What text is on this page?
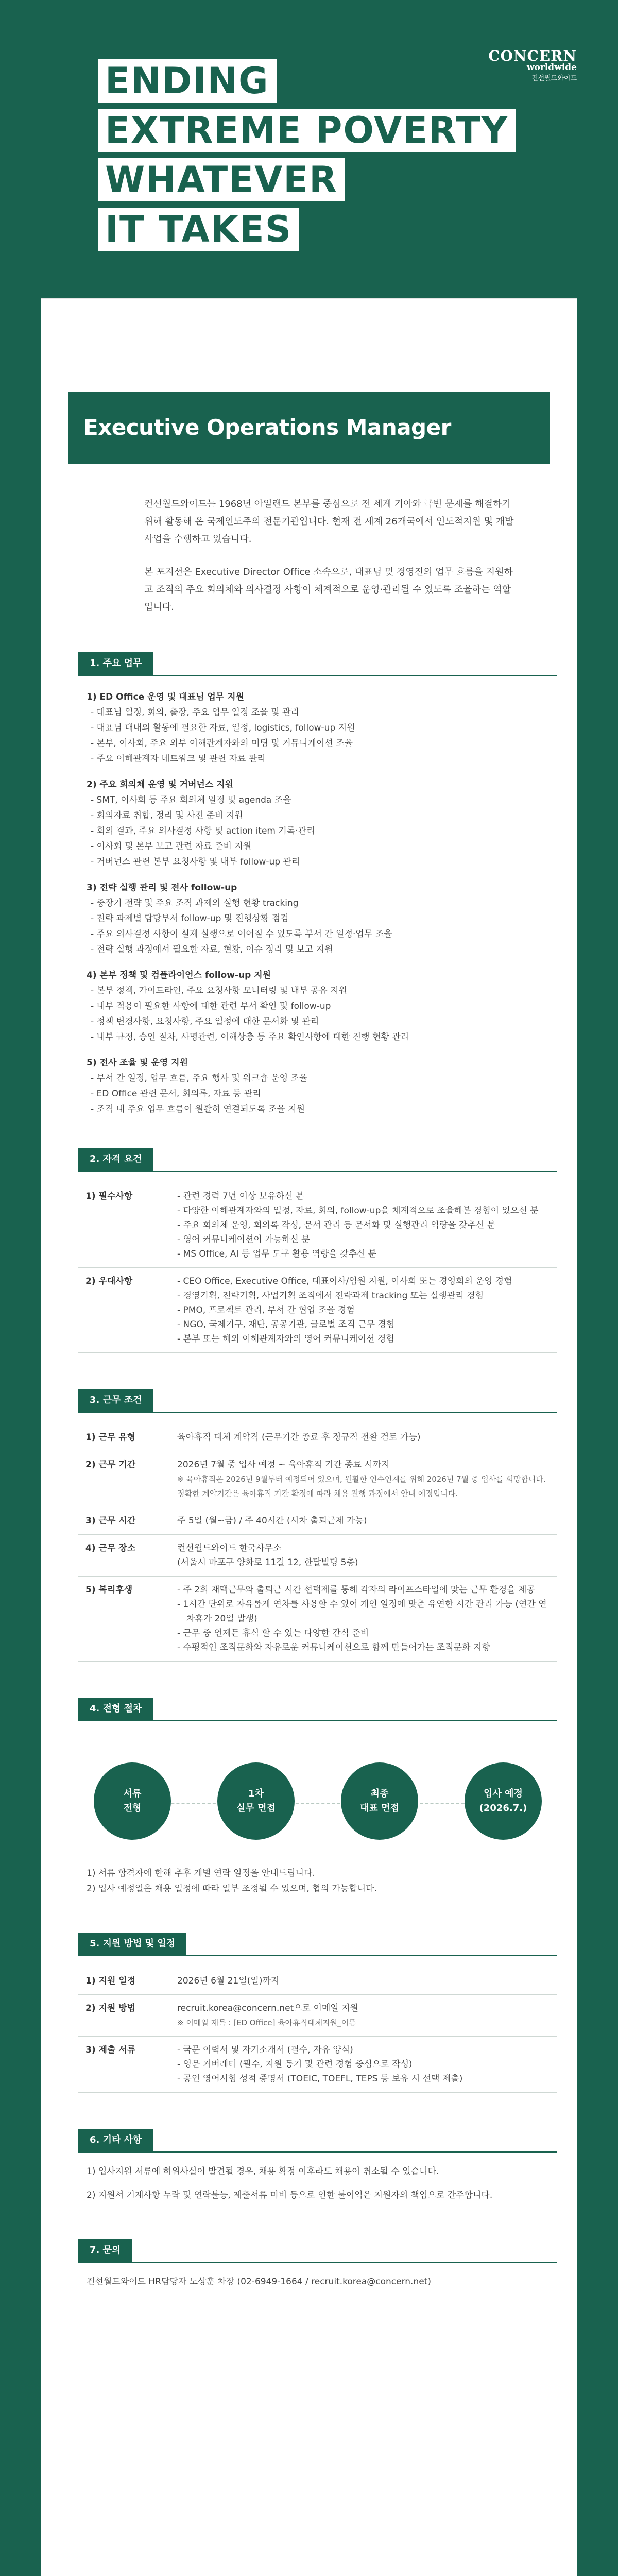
CONCERN
worldwide
컨선월드와이드
ENDING
EXTREME POVERTY
WHATEVER
IT TAKES
Executive Operations Manager

컨선월드와이드는 1968년 아일랜드 본부를 중심으로 전 세계 기아와 극빈 문제를 해결하기 위해 활동해 온 국제인도주의 전문기관입니다. 현재 전 세계 26개국에서 인도적지원 및 개발 사업을 수행하고 있습니다.

본 포지션은 Executive Director Office 소속으로, 대표님 및 경영진의 업무 흐름을 지원하고 조직의 주요 회의체와 의사결정 사항이 체계적으로 운영·관리될 수 있도록 조율하는 역할입니다.

1. 주요 업무
1) ED Office 운영 및 대표님 업무 지원
- 대표님 일정, 회의, 출장, 주요 업무 일정 조율 및 관리
- 대표님 대내외 활동에 필요한 자료, 일정, logistics, follow-up 지원
- 본부, 이사회, 주요 외부 이해관계자와의 미팅 및 커뮤니케이션 조율
- 주요 이해관계자 네트워크 및 관련 자료 관리
2) 주요 회의체 운영 및 거버넌스 지원
- SMT, 이사회 등 주요 회의체 일정 및 agenda 조율
- 회의자료 취합, 정리 및 사전 준비 지원
- 회의 결과, 주요 의사결정 사항 및 action item 기록·관리
- 이사회 및 본부 보고 관련 자료 준비 지원
- 거버넌스 관련 본부 요청사항 및 내부 follow-up 관리
3) 전략 실행 관리 및 전사 follow-up
- 중장기 전략 및 주요 조직 과제의 실행 현황 tracking
- 전략 과제별 담당부서 follow-up 및 진행상황 점검
- 주요 의사결정 사항이 실제 실행으로 이어질 수 있도록 부서 간 일정·업무 조율
- 전략 실행 과정에서 필요한 자료, 현황, 이슈 정리 및 보고 지원
4) 본부 정책 및 컴플라이언스 follow-up 지원
- 본부 정책, 가이드라인, 주요 요청사항 모니터링 및 내부 공유 지원
- 내부 적용이 필요한 사항에 대한 관련 부서 확인 및 follow-up
- 정책 변경사항, 요청사항, 주요 일정에 대한 문서화 및 관리
- 내부 규정, 승인 절차, 사명관련, 이해상충 등 주요 확인사항에 대한 진행 현황 관리
5) 전사 조율 및 운영 지원
- 부서 간 일정, 업무 흐름, 주요 행사 및 워크숍 운영 조율
- ED Office 관련 문서, 회의록, 자료 등 관리
- 조직 내 주요 업무 흐름이 원활히 연결되도록 조율 지원
2. 자격 요건
1) 필수사항	- 관련 경력 7년 이상 보유하신 분
- 다양한 이해관계자와의 일정, 자료, 회의, follow-up을 체계적으로 조율해본 경험이 있으신 분
- 주요 회의체 운영, 회의록 작성, 문서 관리 등 문서화 및 실행관리 역량을 갖추신 분
- 영어 커뮤니케이션이 가능하신 분
- MS Office, AI 등 업무 도구 활용 역량을 갖추신 분

2) 우대사항	- CEO Office, Executive Office, 대표이사/임원 지원, 이사회 또는 경영회의 운영 경험
- 경영기획, 전략기획, 사업기획 조직에서 전략과제 tracking 또는 실행관리 경험
- PMO, 프로젝트 관리, 부서 간 협업 조율 경험
- NGO, 국제기구, 재단, 공공기관, 글로벌 조직 근무 경험
- 본부 또는 해외 이해관계자와의 영어 커뮤니케이션 경험
3. 근무 조건
1) 근무 유형	육아휴직 대체 계약직 (근무기간 종료 후 정규직 전환 검토 가능)

2) 근무 기간	2026년 7월 중 입사 예정 ~ 육아휴직 기간 종료 시까지
※ 육아휴직은 2026년 9월부터 예정되어 있으며, 원활한 인수인계를 위해 2026년 7월 중 입사를 희망합니다. 정확한 계약기간은 육아휴직 기간 확정에 따라 채용 진행 과정에서 안내 예정입니다.

3) 근무 시간	주 5일 (월~금) / 주 40시간 (시차 출퇴근제 가능)

4) 근무 장소	컨선월드와이드 한국사무소
(서울시 마포구 양화로 11길 12, 한달빌딩 5층)

5) 복리후생	- 주 2회 재택근무와 출퇴근 시간 선택제를 통해 각자의 라이프스타일에 맞는 근무 환경을 제공
- 1시간 단위로 자유롭게 연차를 사용할 수 있어 개인 일정에 맞춘 유연한 시간 관리 가능 (연간 연차휴가 20일 발생)
- 근무 중 언제든 휴식 할 수 있는 다양한 간식 준비
- 수평적인 조직문화와 자유로운 커뮤니케이션으로 함께 만들어가는 조직문화 지향
4. 전형 절차
서류
전형
1차
실무 면접
최종
대표 면접
입사 예정
(2026.7.)
1) 서류 합격자에 한해 추후 개별 연락 일정을 안내드립니다.
2) 입사 예정일은 채용 일정에 따라 일부 조정될 수 있으며, 협의 가능합니다.
5. 지원 방법 및 일정
1) 지원 일정	2026년 6월 21일(일)까지

2) 지원 방법	recruit.korea@concern.net으로 이메일 지원
※ 이메일 제목 : [ED Office] 육아휴직대체지원_이름

3) 제출 서류	- 국문 이력서 및 자기소개서 (필수, 자유 양식)
- 영문 커버레터 (필수, 지원 동기 및 관련 경험 중심으로 작성)
- 공인 영어시험 성적 증명서 (TOEIC, TOEFL, TEPS 등 보유 시 선택 제출)
6. 기타 사항
1) 입사지원 서류에 허위사실이 발견될 경우, 채용 확정 이후라도 채용이 취소될 수 있습니다.
2) 지원서 기재사항 누락 및 연락불능, 제출서류 미비 등으로 인한 불이익은 지원자의 책임으로 간주합니다.
7. 문의
컨선월드와이드 HR담당자 노상훈 차장 (02-6949-1664 / recruit.korea@concern.net)
